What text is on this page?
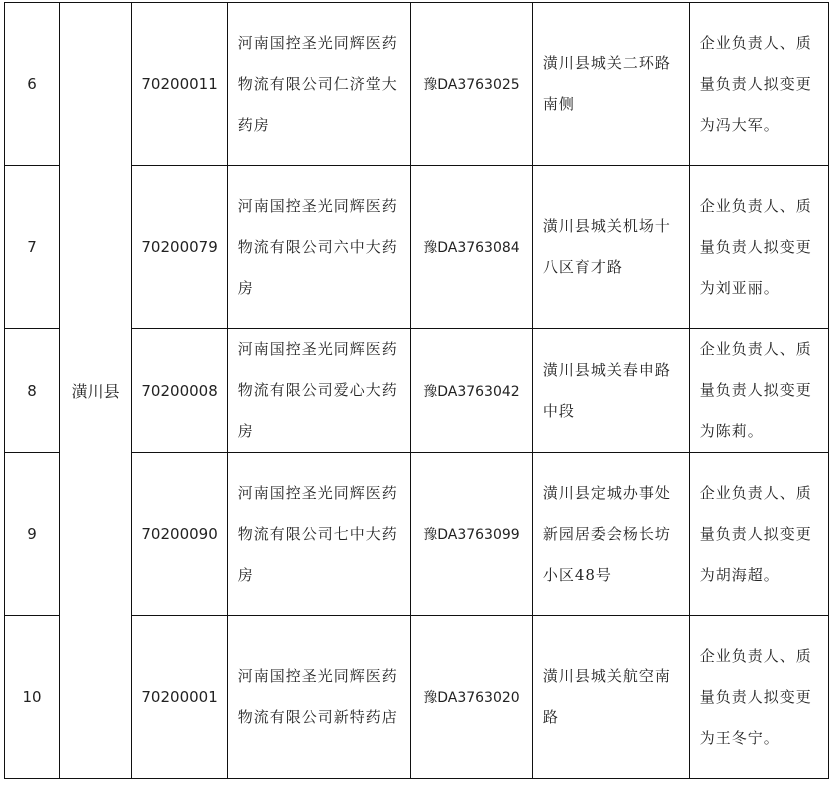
6	潢川县	70200011	河南国控圣光同辉医药物流有限公司仁济堂大药房	豫DA3763025	潢川县城关二环路南侧	企业负责人、质量负责人拟变更为冯大军。

7		70200079	河南国控圣光同辉医药物流有限公司六中大药房	豫DA3763084	潢川县城关机场十八区育才路	企业负责人、质量负责人拟变更为刘亚丽。

8		70200008	河南国控圣光同辉医药物流有限公司爱心大药房	豫DA3763042	潢川县城关春申路中段	企业负责人、质量负责人拟变更为陈莉。

9		70200090	河南国控圣光同辉医药物流有限公司七中大药房	豫DA3763099	潢川县定城办事处新园居委会杨长坊小区48号	企业负责人、质量负责人拟变更为胡海超。

10		70200001	河南国控圣光同辉医药物流有限公司新特药店	豫DA3763020	潢川县城关航空南路	企业负责人、质量负责人拟变更为王冬宁。
